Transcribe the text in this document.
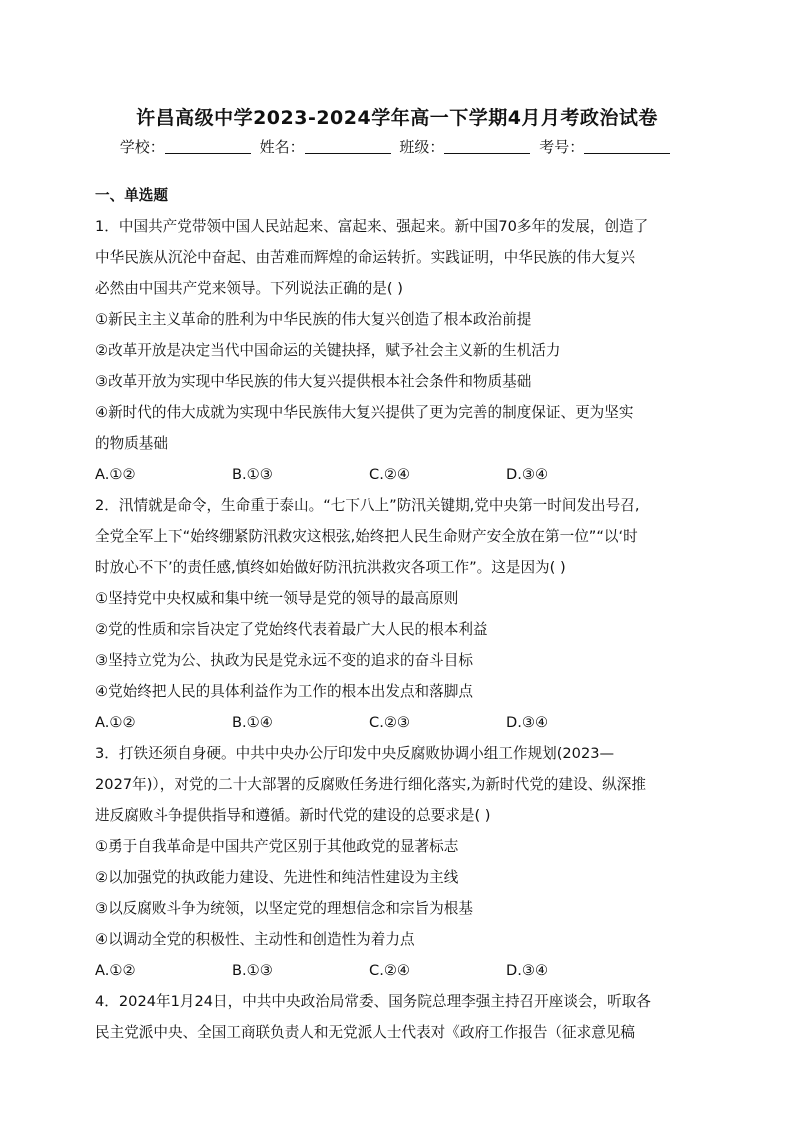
许昌高级中学2023-2024学年高一下学期4月月考政治试卷
学校：	姓名：	班级：	考号：
一、单选题
1．中国共产党带领中国人民站起来、富起来、强起来。新中国70多年的发展，创造了
中华民族从沉沦中奋起、由苦难而辉煌的命运转折。实践证明，中华民族的伟大复兴
必然由中国共产党来领导。下列说法正确的是( )
①新民主主义革命的胜利为中华民族的伟大复兴创造了根本政治前提
②改革开放是决定当代中国命运的关键抉择，赋予社会主义新的生机活力
③改革开放为实现中华民族的伟大复兴提供根本社会条件和物质基础
④新时代的伟大成就为实现中华民族伟大复兴提供了更为完善的制度保证、更为坚实
的物质基础
A.①②	B.①③	C.②④	D.③④
2．汛情就是命令，生命重于泰山。“七下八上”防汛关键期,党中央第一时间发出号召,
全党全军上下“始终绷紧防汛救灾这根弦,始终把人民生命财产安全放在第一位”“以‘时
时放心不下’的责任感,慎终如始做好防汛抗洪救灾各项工作”。这是因为( )
①坚持党中央权威和集中统一领导是党的领导的最高原则
②党的性质和宗旨决定了党始终代表着最广大人民的根本利益
③坚持立党为公、执政为民是党永远不变的追求的奋斗目标
④党始终把人民的具体利益作为工作的根本出发点和落脚点
A.①②	B.①④	C.②③	D.③④
3．打铁还须自身硬。中共中央办公厅印发中央反腐败协调小组工作规划(2023—
2027年)），对党的二十大部署的反腐败任务进行细化落实,为新时代党的建设、纵深推
进反腐败斗争提供指导和遵循。新时代党的建设的总要求是( )
①勇于自我革命是中国共产党区别于其他政党的显著标志
②以加强党的执政能力建设、先进性和纯洁性建设为主线
③以反腐败斗争为统领，以坚定党的理想信念和宗旨为根基
④以调动全党的积极性、主动性和创造性为着力点
A.①②	B.①③	C.②④	D.③④
4．2024年1月24日，中共中央政治局常委、国务院总理李强主持召开座谈会，听取各
民主党派中央、全国工商联负责人和无党派人士代表对《政府工作报告（征求意见稿
